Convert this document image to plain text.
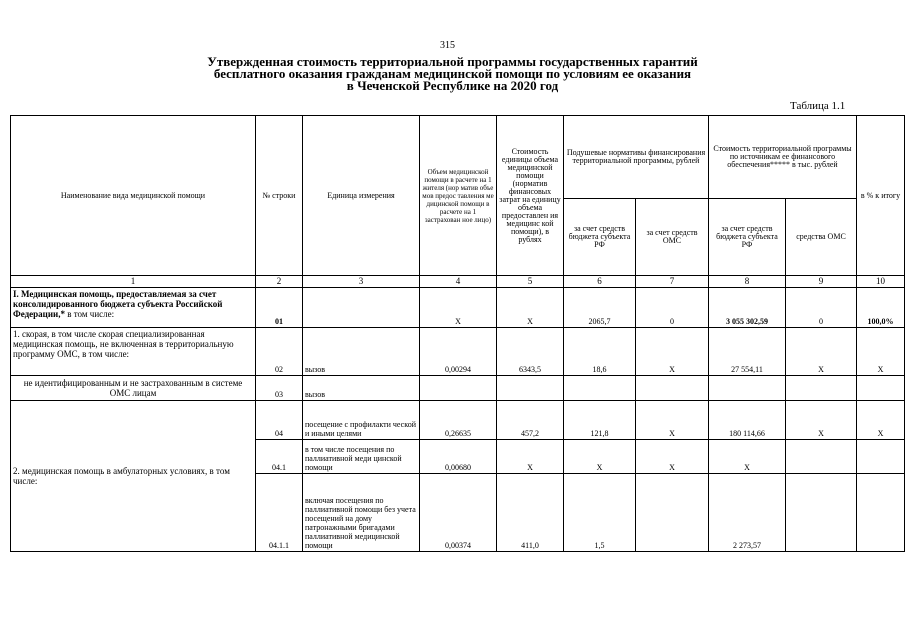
315
Утвержденная стоимость территориальной программы государственных гарантий
бесплатного оказания гражданам медицинской помощи по условиям ее оказания
в Чеченской Республике на 2020 год
Таблица 1.1
Наименование вида медицинской помощи	№ строки	Единица измерения	Объем медицинской помощи в расчете на 1 жителя (нор матив объе мов предос тавления ме дицинской помощи в расчете на 1 застрахован ное лицо)	Стоимость единицы объема медицинской помощи (норматив финансовых затрат на единицу объема предоставлен ия медицинс кой помощи), в рублях	Подушевые нормативы финансирования территориальной программы, рублей		Стоимость территориальной программы по источникам ее финансового обеспечения***** в тыс. рублей		в % к итогу
					за счет средств бюджета субъекта РФ	за счет средств ОМС	за счет средств бюджета субъекта РФ	средства ОМС	
1	2	3	4	5	6	7	8	9	10
I. Медицинская помощь, предоставляемая за счет консолидированного бюджета субъекта Российской Федерации,* в том числе:	01		X	X	2065,7	0	3 055 302,59	0	100,0%
1. скорая, в том числе скорая специализированная медицинская помощь, не включенная в территориальную программу ОМС, в том числе:	02	вызов	0,00294	6343,5	18,6	X	27 554,11	X	X
не идентифицированным и не застрахованным в системе ОМС лицам	03	вызов							
2. медицинская помощь в амбулаторных условиях, в том числе:	04	посещение с профилакти ческой и иными целями	0,26635	457,2	121,8	X	180 114,66	X	X
	04.1	в том числе посещения по паллиативной меди цинской помощи	0,00680	X	X	X	X		
	04.1.1	включая посещения по паллиативной помощи без учета посещений на дому патронажными бригадами паллиативной медицинской помощи	0,00374	411,0	1,5		2 273,57		
